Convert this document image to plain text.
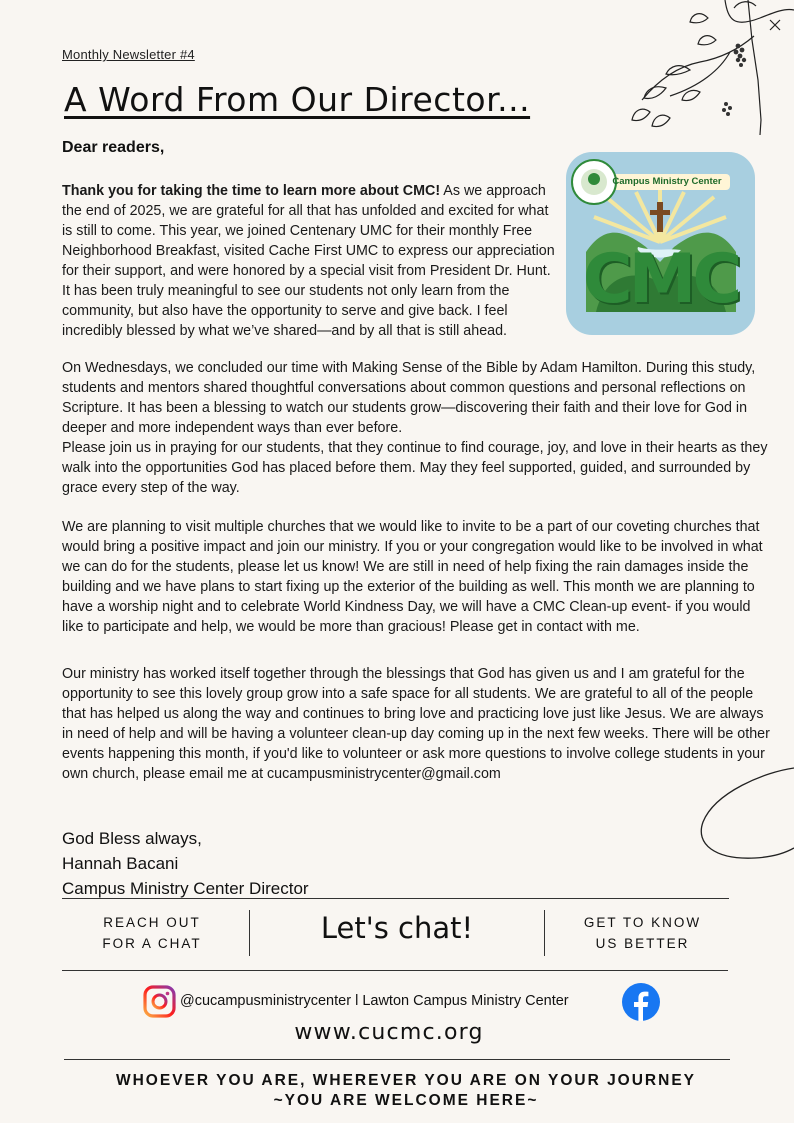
Monthly Newsletter #4
A Word From Our Director...
Dear readers,
Thank you for taking the time to learn more about CMC! As we approach the end of 2025, we are grateful for all that has unfolded and excited for what is still to come. This year, we joined Centenary UMC for their monthly Free Neighborhood Breakfast, visited Cache First UMC to express our appreciation for their support, and were honored by a special visit from President Dr. Hunt. It has been truly meaningful to see our students not only learn from the community, but also have the opportunity to serve and give back. I feel incredibly blessed by what we’ve shared—and by all that is still ahead.
Campus Ministry Center
CMC
On Wednesdays, we concluded our time with Making Sense of the Bible by Adam Hamilton. During this study, students and mentors shared thoughtful conversations about common questions and personal reflections on Scripture. It has been a blessing to watch our students grow—discovering their faith and their love for God in deeper and more independent ways than ever before.
Please join us in praying for our students, that they continue to find courage, joy, and love in their hearts as they walk into the opportunities God has placed before them. May they feel supported, guided, and surrounded by grace every step of the way.
We are planning to visit multiple churches that we would like to invite to be a part of our coveting churches that would bring a positive impact and join our ministry. If you or your congregation would like to be involved in what we can do for the students, please let us know! We are still in need of help fixing the rain damages inside the building and we have plans to start fixing up the exterior of the building as well. This month we are planning to have a worship night and to celebrate World Kindness Day, we will have a CMC Clean-up event- if you would like to participate and help, we would be more than gracious! Please get in contact with me.
Our ministry has worked itself together through the blessings that God has given us and I am grateful for the opportunity to see this lovely group grow into a safe space for all students. We are grateful to all of the people that has helped us along the way and continues to bring love and practicing love just like Jesus. We are always in need of help and will be having a volunteer clean-up day coming up in the next few weeks. There will be other events happening this month, if you'd like to volunteer or ask more questions to involve college students in your own church, please email me at cucampusministrycenter@gmail.com
God Bless always,
Hannah Bacani
Campus Ministry Center Director
REACH OUT
FOR A CHAT	Let's chat!	GET TO KNOW
US BETTER
@cucampusministrycenter l Lawton Campus Ministry Center
www.cucmc.org
WHOEVER YOU ARE, WHEREVER YOU ARE ON YOUR JOURNEY
~YOU ARE WELCOME HERE~
